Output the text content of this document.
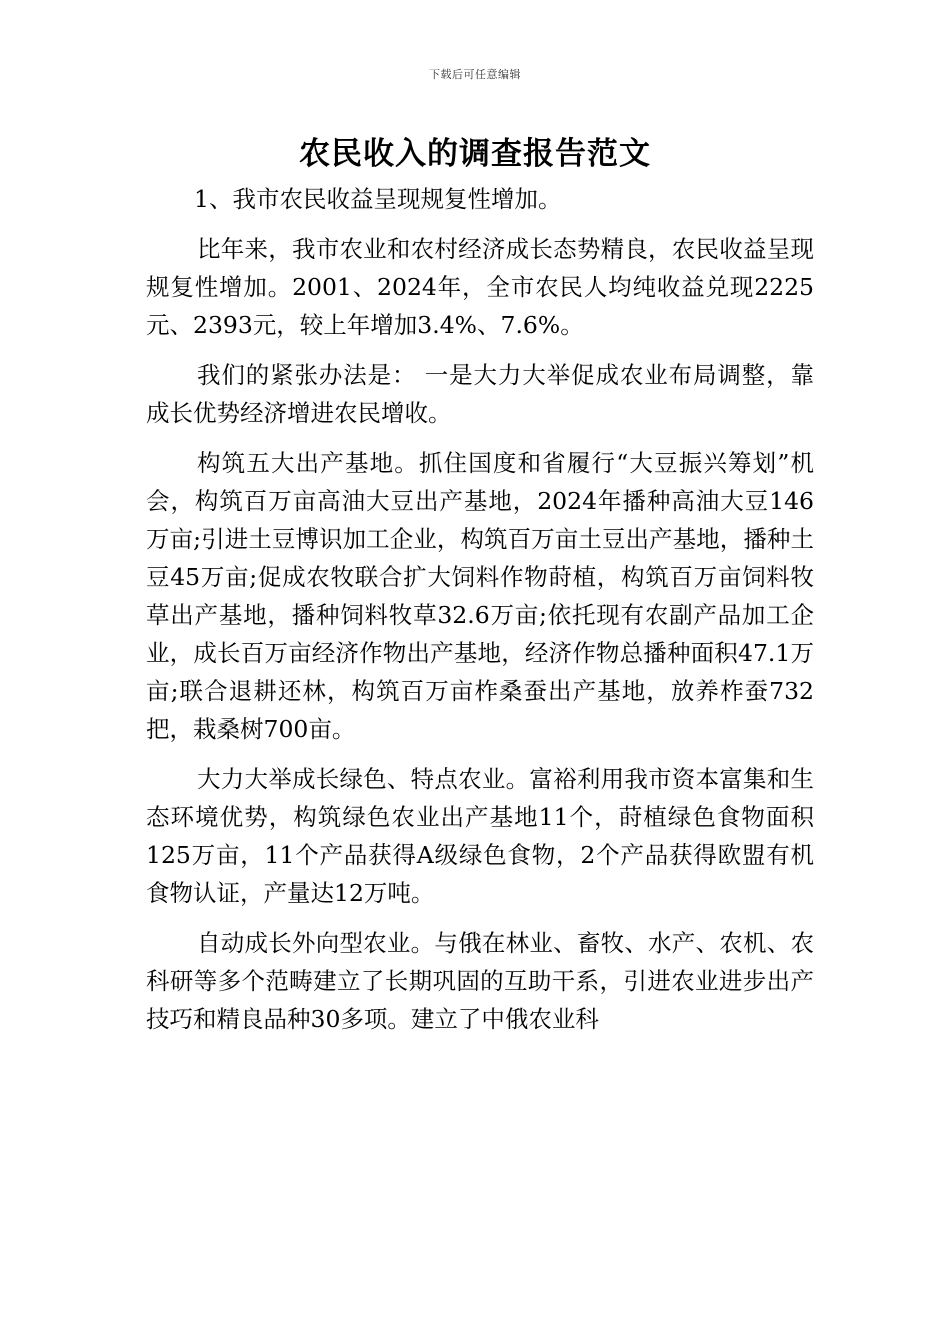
下载后可任意编辑
农民收入的调查报告范文

1、我市农民收益呈现规复性增加。

比年来，我市农业和农村经济成长态势精良，农民收益呈现规复性增加。2001、2024年，全市农民人均纯收益兑现2225元、2393元，较上年增加3.4%、7.6%。

我们的紧张办法是： 一是大力大举促成农业布局调整，靠成长优势经济增进农民增收。

构筑五大出产基地。抓住国度和省履行“大豆振兴筹划”机会，构筑百万亩高油大豆出产基地，2024年播种高油大豆146万亩;引进土豆博识加工企业，构筑百万亩土豆出产基地，播种土豆45万亩;促成农牧联合扩大饲料作物莳植，构筑百万亩饲料牧草出产基地，播种饲料牧草32.6万亩;依托现有农副产品加工企业，成长百万亩经济作物出产基地，经济作物总播种面积47.1万亩;联合退耕还林，构筑百万亩柞桑蚕出产基地，放养柞蚕732把，栽桑树700亩。

大力大举成长绿色、特点农业。富裕利用我市资本富集和生态环境优势，构筑绿色农业出产基地11个，莳植绿色食物面积125万亩，11个产品获得A级绿色食物，2个产品获得欧盟有机食物认证，产量达12万吨。

自动成长外向型农业。与俄在林业、畜牧、水产、农机、农科研等多个范畴建立了长期巩固的互助干系，引进农业进步出产技巧和精良品种30多项。建立了中俄农业科
